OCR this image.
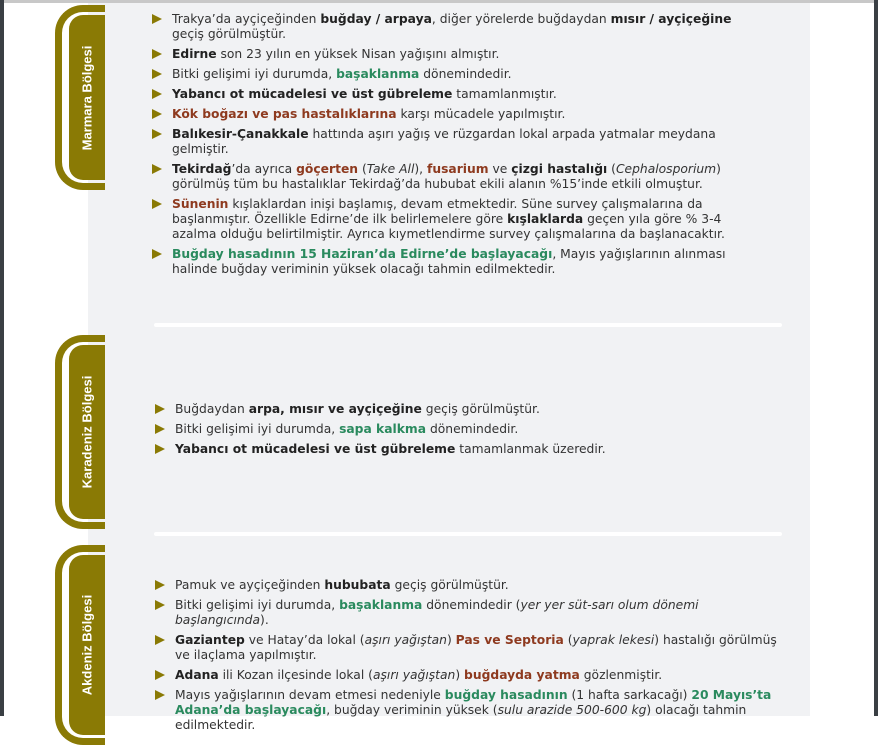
Marmara Bölgesi
Trakya’da ayçiçeğinden buğday / arpaya, diğer yörelerde buğdaydan mısır / ayçiçeğine geçiş görülmüştür.
Edirne son 23 yılın en yüksek Nisan yağışını almıştır.
Bitki gelişimi iyi durumda, başaklanma dönemindedir.
Yabancı ot mücadelesi ve üst gübreleme tamamlanmıştır.
Kök boğazı ve pas hastalıklarına karşı mücadele yapılmıştır.
Balıkesir-Çanakkale hattında aşırı yağış ve rüzgardan lokal arpada yatmalar meydana gelmiştir.
Tekirdağ’da ayrıca göçerten (Take All), fusarium ve çizgi hastalığı (Cephalosporium) görülmüş tüm bu hastalıklar Tekirdağ’da hububat ekili alanın %15’inde etkili olmuştur.
Sünenin kışlaklardan inişi başlamış, devam etmektedir. Süne survey çalışmalarına da başlanmıştır. Özellikle Edirne’de ilk belirlemelere göre kışlaklarda geçen yıla göre % 3-4 azalma olduğu belirtilmiştir. Ayrıca kıymetlendirme survey çalışmalarına da başlanacaktır.
Buğday hasadının 15 Haziran’da Edirne’de başlayacağı, Mayıs yağışlarının alınması halinde buğday veriminin yüksek olacağı tahmin edilmektedir.
Karadeniz Bölgesi	Buğdaydan arpa, mısır ve ayçiçeğine geçiş görülmüştür.
Bitki gelişimi iyi durumda, sapa kalkma dönemindedir.
Yabancı ot mücadelesi ve üst gübreleme tamamlanmak üzeredir.
Akdeniz Bölgesi
Pamuk ve ayçiçeğinden hububata geçiş görülmüştür.
Bitki gelişimi iyi durumda, başaklanma dönemindedir (yer yer süt-sarı olum dönemi başlangıcında).
Gaziantep ve Hatay’da lokal (aşırı yağıştan) Pas ve Septoria (yaprak lekesi) hastalığı görülmüş ve ilaçlama yapılmıştır.
Adana ili Kozan ilçesinde lokal (aşırı yağıştan) buğdayda yatma gözlenmiştir.
Mayıs yağışlarının devam etmesi nedeniyle buğday hasadının (1 hafta sarkacağı) 20 Mayıs’ta Adana’da başlayacağı, buğday veriminin yüksek (sulu arazide 500-600 kg) olacağı tahmin edilmektedir.
